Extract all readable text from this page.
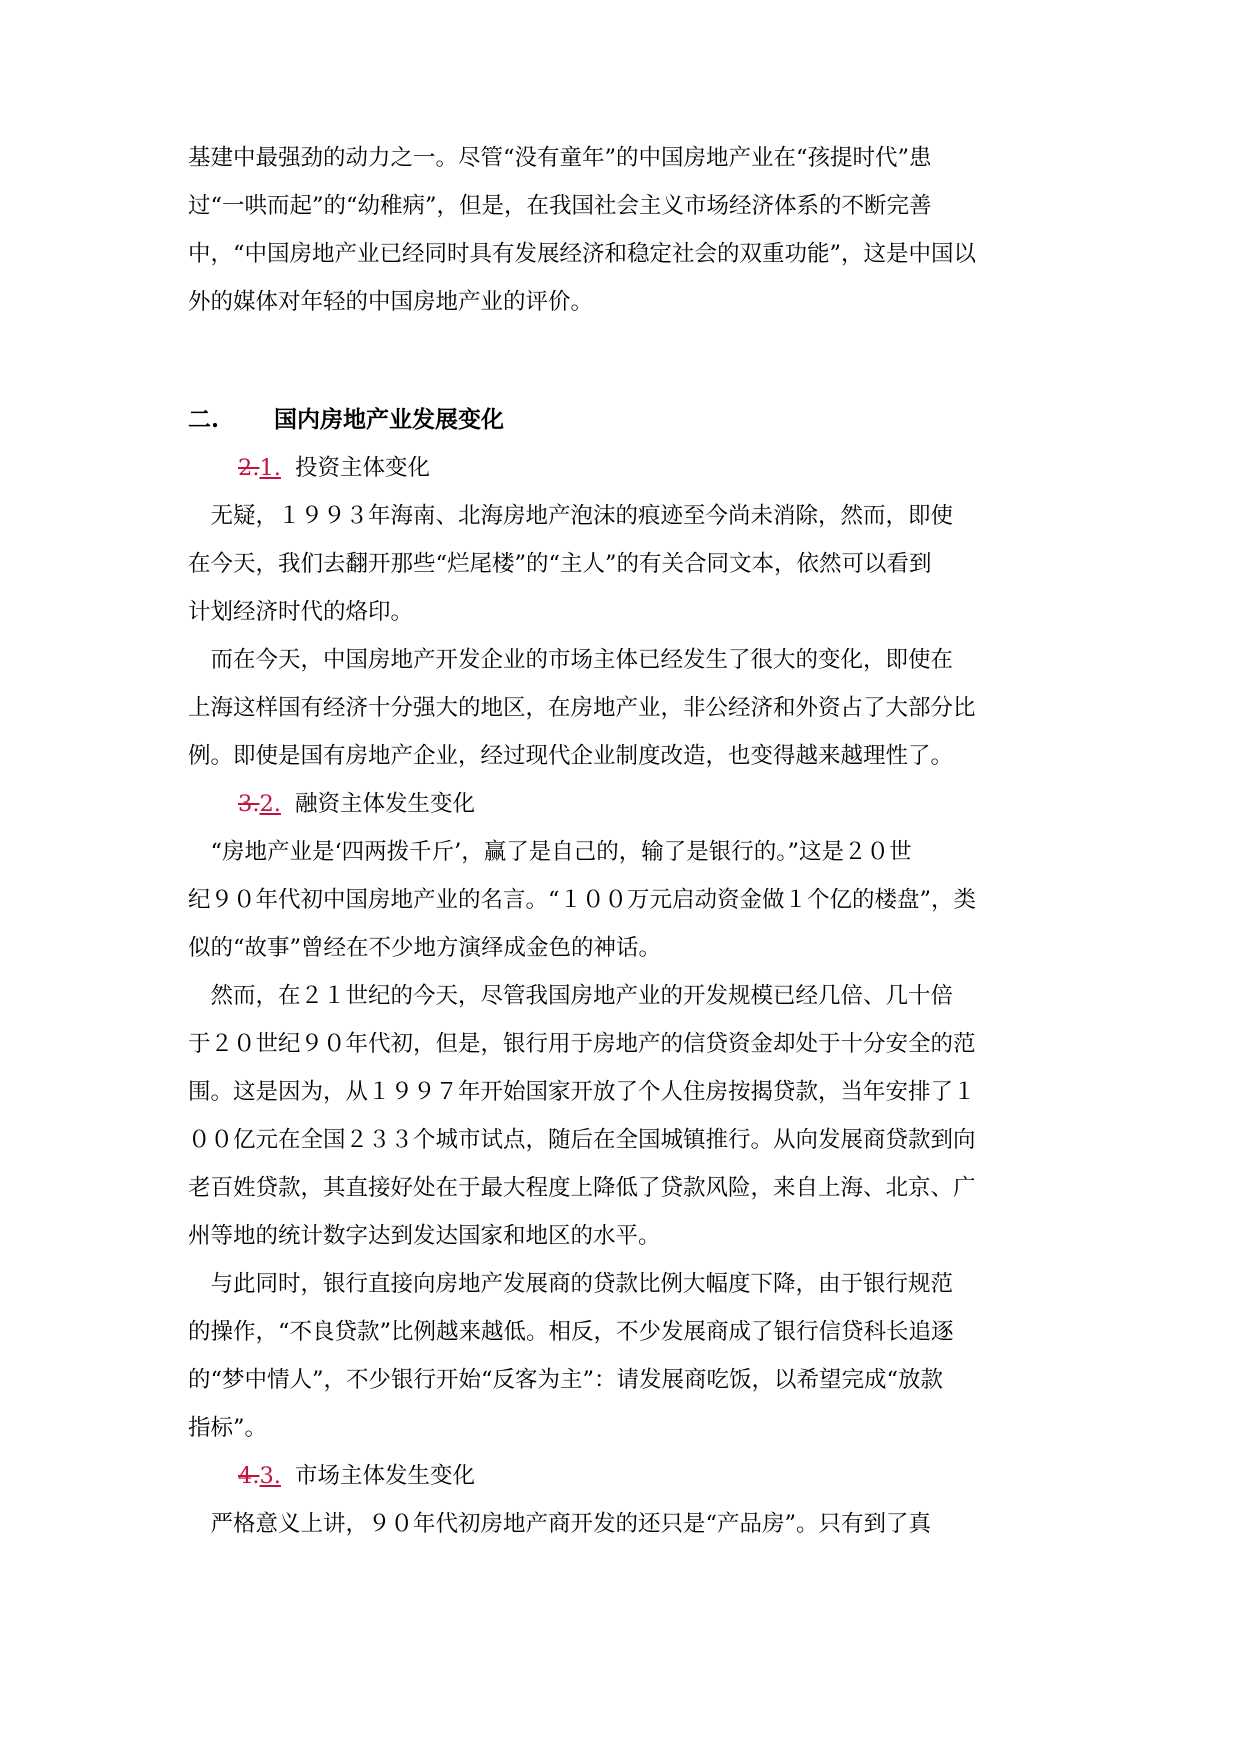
基建中最强劲的动力之一。尽管“没有童年”的中国房地产业在“孩提时代”患
过“一哄而起”的“幼稚病”，但是，在我国社会主义市场经济体系的不断完善
中，“中国房地产业已经同时具有发展经济和稳定社会的双重功能”，这是中国以
外的媒体对年轻的中国房地产业的评价。

二. 国内房地产业发展变化

2.1. 投资主体变化

　无疑，１９９３年海南、北海房地产泡沫的痕迹至今尚未消除，然而，即使
在今天，我们去翻开那些“烂尾楼”的“主人”的有关合同文本，依然可以看到
计划经济时代的烙印。

　而在今天，中国房地产开发企业的市场主体已经发生了很大的变化，即使在
上海这样国有经济十分强大的地区，在房地产业，非公经济和外资占了大部分比
例。即使是国有房地产企业，经过现代企业制度改造，也变得越来越理性了。

3.2. 融资主体发生变化

　“房地产业是‘四两拨千斤’，赢了是自己的，输了是银行的。”这是２０世
纪９０年代初中国房地产业的名言。“１００万元启动资金做１个亿的楼盘”，类
似的“故事”曾经在不少地方演绎成金色的神话。

　然而，在２１世纪的今天，尽管我国房地产业的开发规模已经几倍、几十倍
于２０世纪９０年代初，但是，银行用于房地产的信贷资金却处于十分安全的范
围。这是因为，从１９９７年开始国家开放了个人住房按揭贷款，当年安排了１
００亿元在全国２３３个城市试点，随后在全国城镇推行。从向发展商贷款到向
老百姓贷款，其直接好处在于最大程度上降低了贷款风险，来自上海、北京、广
州等地的统计数字达到发达国家和地区的水平。

　与此同时，银行直接向房地产发展商的贷款比例大幅度下降，由于银行规范
的操作，“不良贷款”比例越来越低。相反，不少发展商成了银行信贷科长追逐
的“梦中情人”，不少银行开始“反客为主”：请发展商吃饭，以希望完成“放款
指标”。

4.3. 市场主体发生变化

　严格意义上讲，９０年代初房地产商开发的还只是“产品房”。只有到了真
